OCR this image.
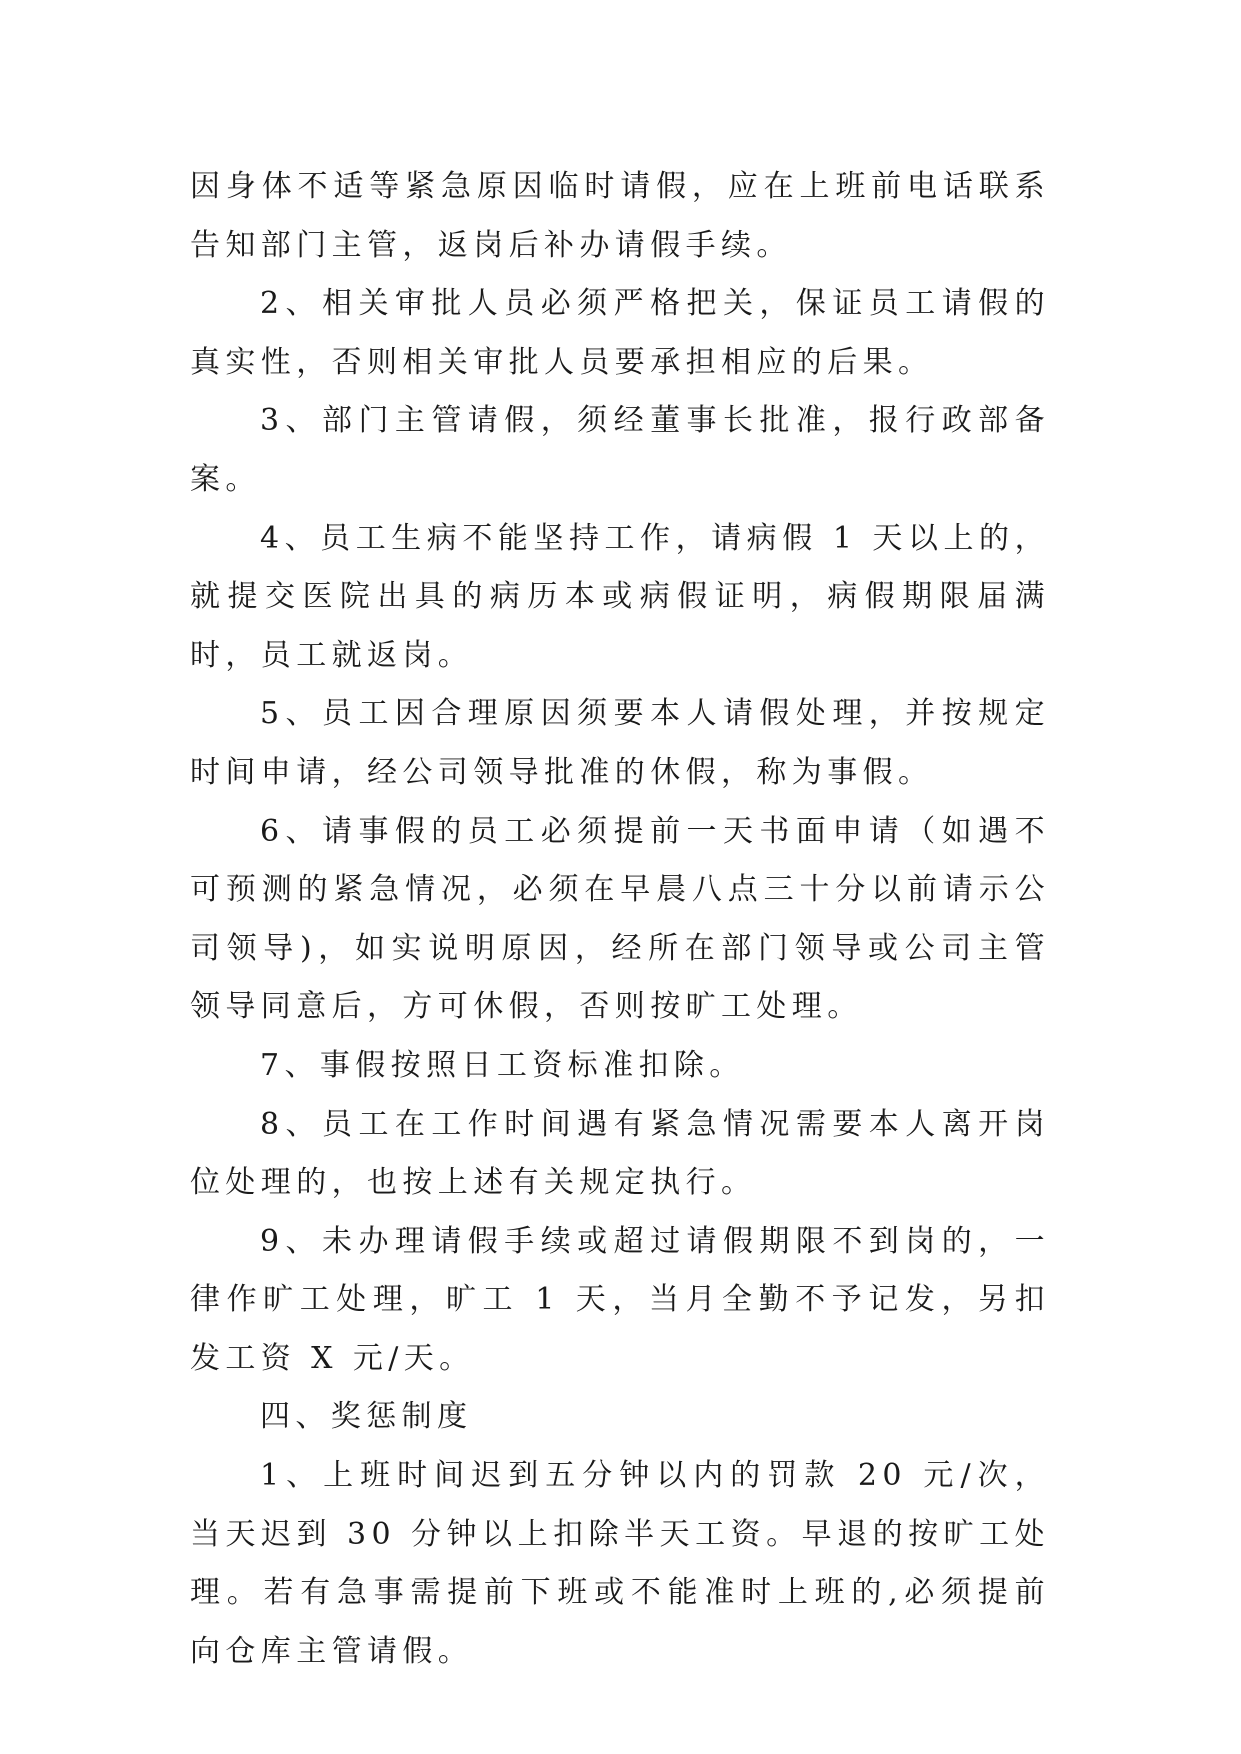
因身体不适等紧急原因临时请假，应在上班前电话联系告知部门主管，返岗后补办请假手续。

2、相关审批人员必须严格把关，保证员工请假的真实性，否则相关审批人员要承担相应的后果。

3、部门主管请假，须经董事长批准，报行政部备案。

4、员工生病不能坚持工作，请病假 1 天以上的，就提交医院出具的病历本或病假证明，病假期限届满时，员工就返岗。

5、员工因合理原因须要本人请假处理，并按规定时间申请，经公司领导批准的休假，称为事假。

6、请事假的员工必须提前一天书面申请（如遇不可预测的紧急情况，必须在早晨八点三十分以前请示公司领导)，如实说明原因，经所在部门领导或公司主管领导同意后，方可休假，否则按旷工处理。

7、事假按照日工资标准扣除。

8、员工在工作时间遇有紧急情况需要本人离开岗位处理的，也按上述有关规定执行。

9、未办理请假手续或超过请假期限不到岗的，一律作旷工处理，旷工 1 天，当月全勤不予记发，另扣发工资 X 元/天。

四、奖惩制度

1、上班时间迟到五分钟以内的罚款 20 元/次，当天迟到 30 分钟以上扣除半天工资。早退的按旷工处理。若有急事需提前下班或不能准时上班的,必须提前向仓库主管请假。
